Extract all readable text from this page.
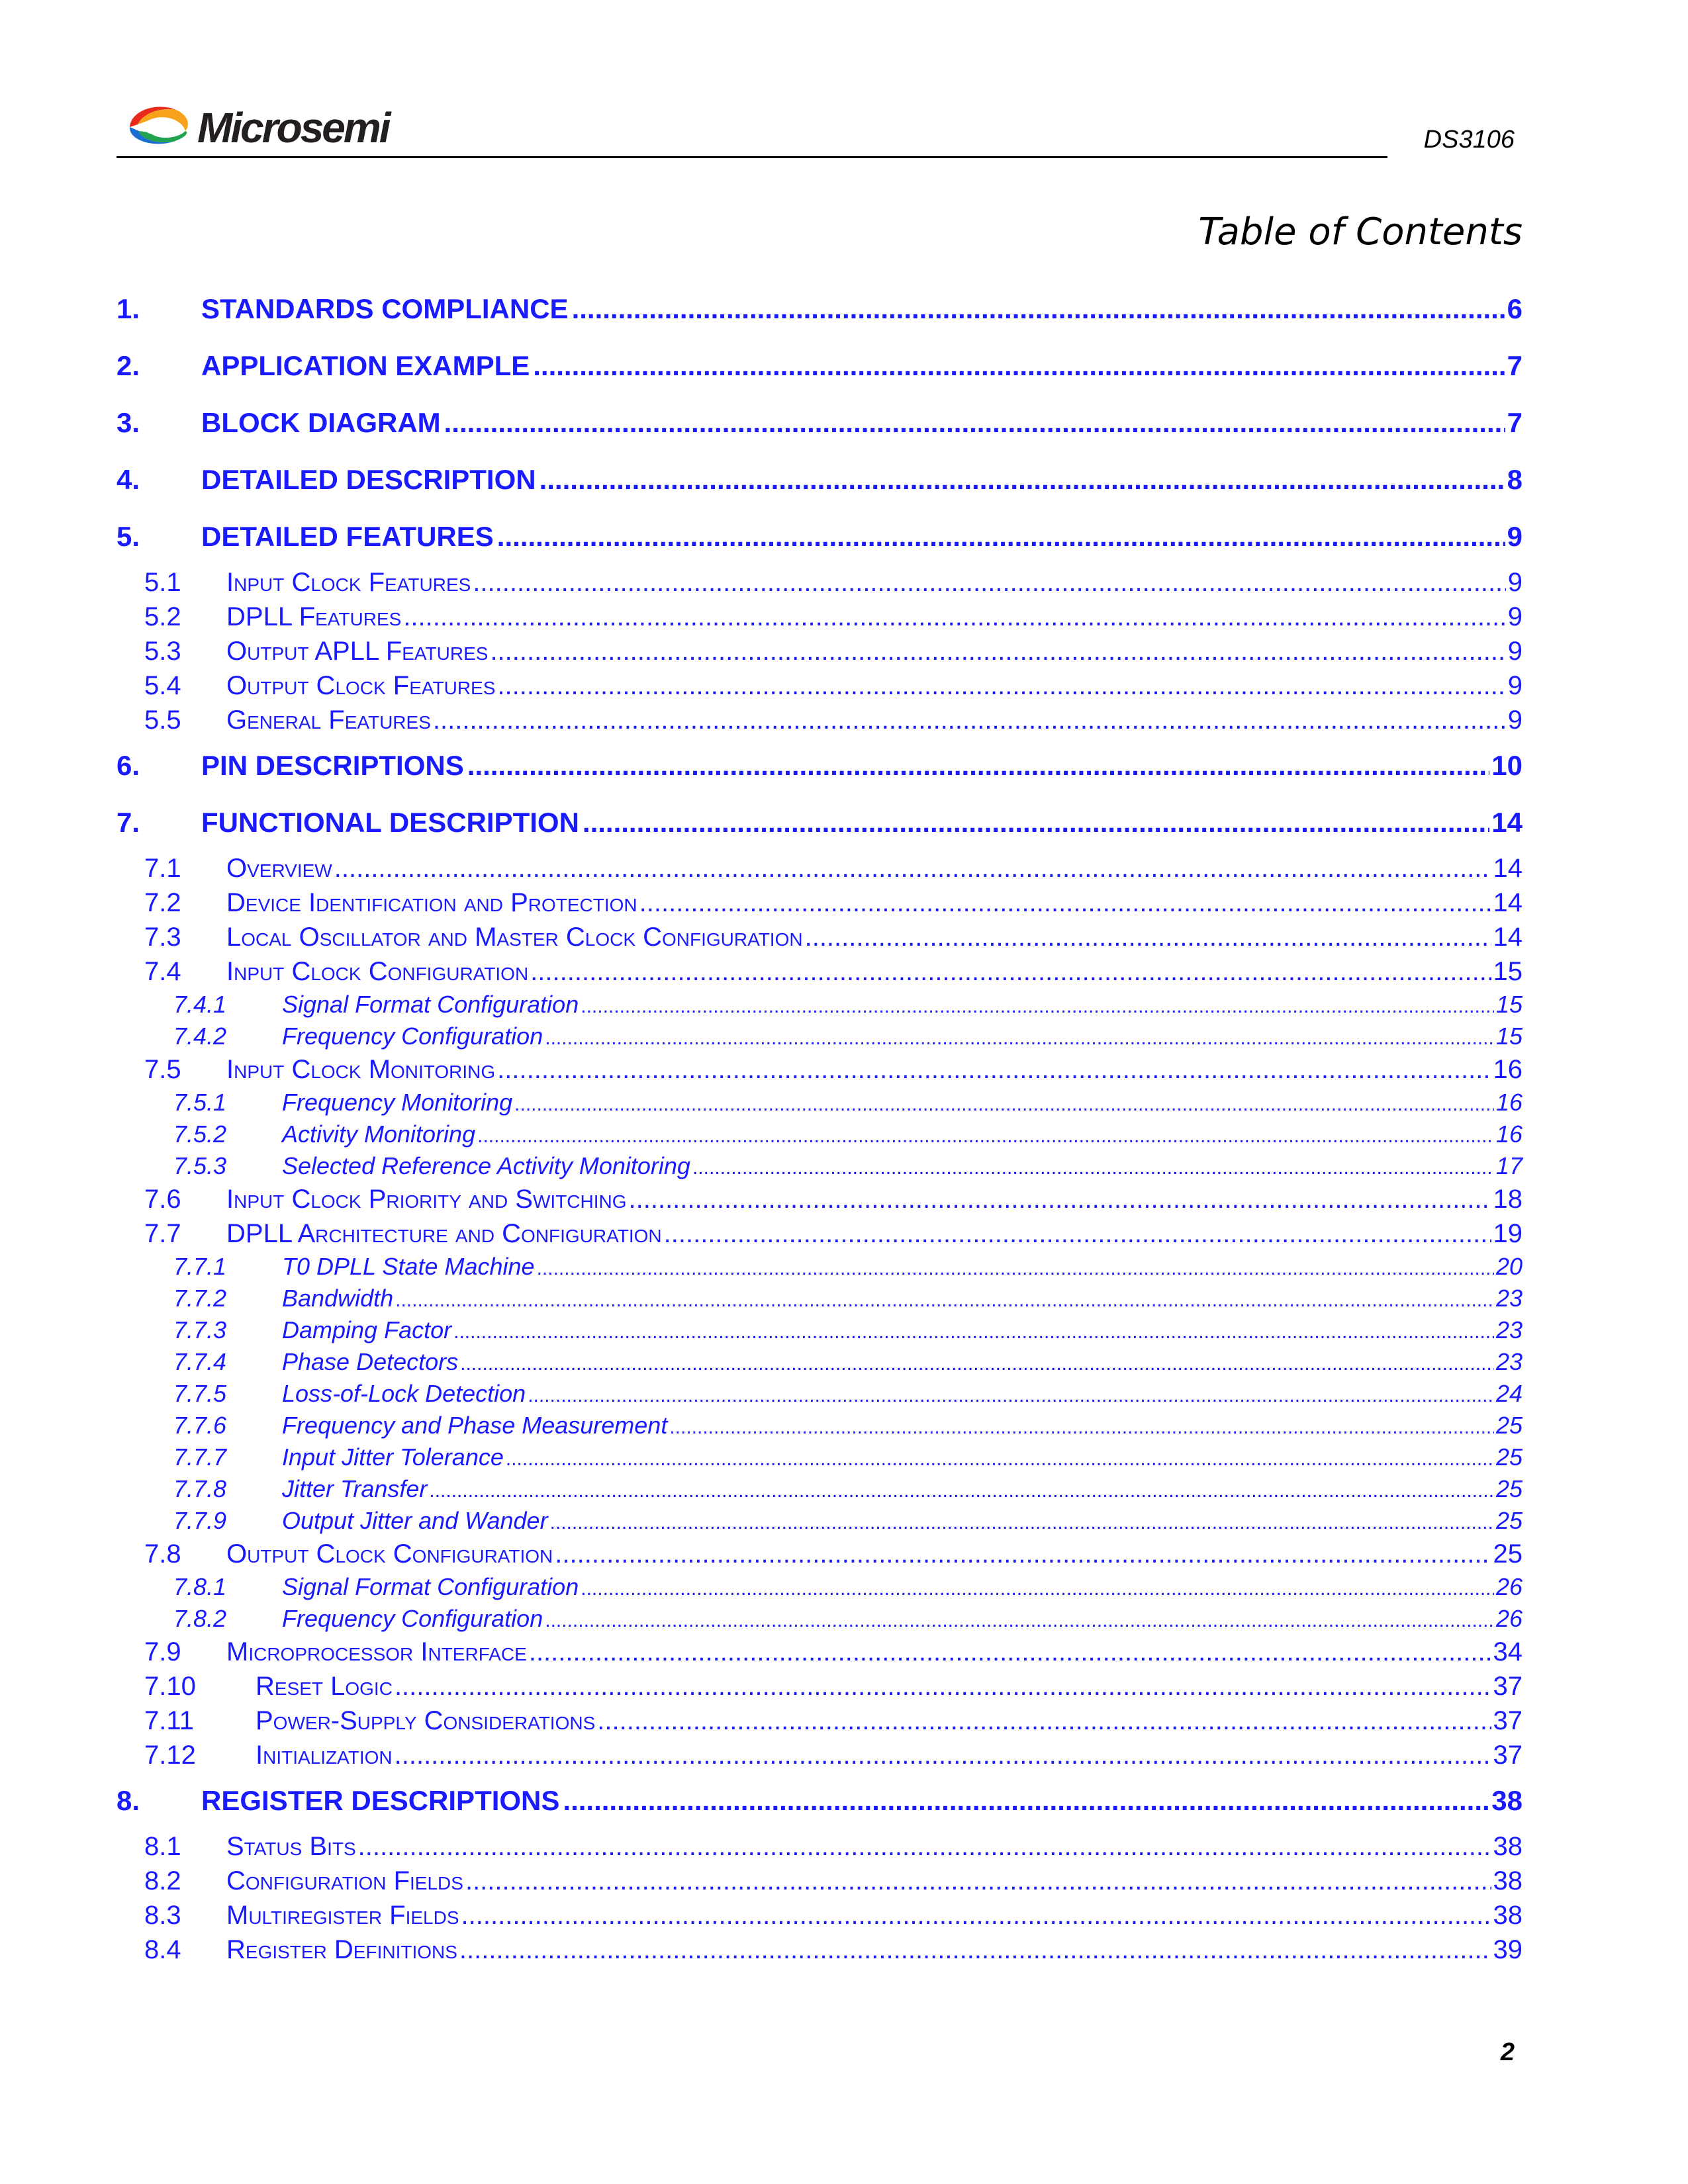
Microsemi	DS3106
Table of Contents
1.	STANDARDS COMPLIANCE .....	6
2.	APPLICATION EXAMPLE .....	7
3.	BLOCK DIAGRAM .....	7
4.	DETAILED DESCRIPTION .....	8
5.	DETAILED FEATURES .....	9
5.1	Input Clock Features .....	9
5.2	DPLL Features .....	9
5.3	Output APLL Features .....	9
5.4	Output Clock Features .....	9
5.5	General Features .....	9
6.	PIN DESCRIPTIONS .....	10
7.	FUNCTIONAL DESCRIPTION .....	14
7.1	Overview .....	14
7.2	Device Identification and Protection .....	14
7.3	Local Oscillator and Master Clock Configuration .....	14
7.4	Input Clock Configuration .....	15
7.4.1	Signal Format Configuration .....	15
7.4.2	Frequency Configuration .....	15
7.5	Input Clock Monitoring .....	16
7.5.1	Frequency Monitoring .....	16
7.5.2	Activity Monitoring .....	16
7.5.3	Selected Reference Activity Monitoring .....	17
7.6	Input Clock Priority and Switching .....	18
7.7	DPLL Architecture and Configuration .....	19
7.7.1	T0 DPLL State Machine .....	20
7.7.2	Bandwidth .....	23
7.7.3	Damping Factor .....	23
7.7.4	Phase Detectors .....	23
7.7.5	Loss-of-Lock Detection .....	24
7.7.6	Frequency and Phase Measurement .....	25
7.7.7	Input Jitter Tolerance .....	25
7.7.8	Jitter Transfer .....	25
7.7.9	Output Jitter and Wander .....	25
7.8	Output Clock Configuration .....	25
7.8.1	Signal Format Configuration .....	26
7.8.2	Frequency Configuration .....	26
7.9	Microprocessor Interface .....	34
7.10	Reset Logic .....	37
7.11	Power-Supply Considerations .....	37
7.12	Initialization .....	37
8.	REGISTER DESCRIPTIONS .....	38
8.1	Status Bits .....	38
8.2	Configuration Fields .....	38
8.3	Multiregister Fields .....	38
8.4	Register Definitions .....	39
2
